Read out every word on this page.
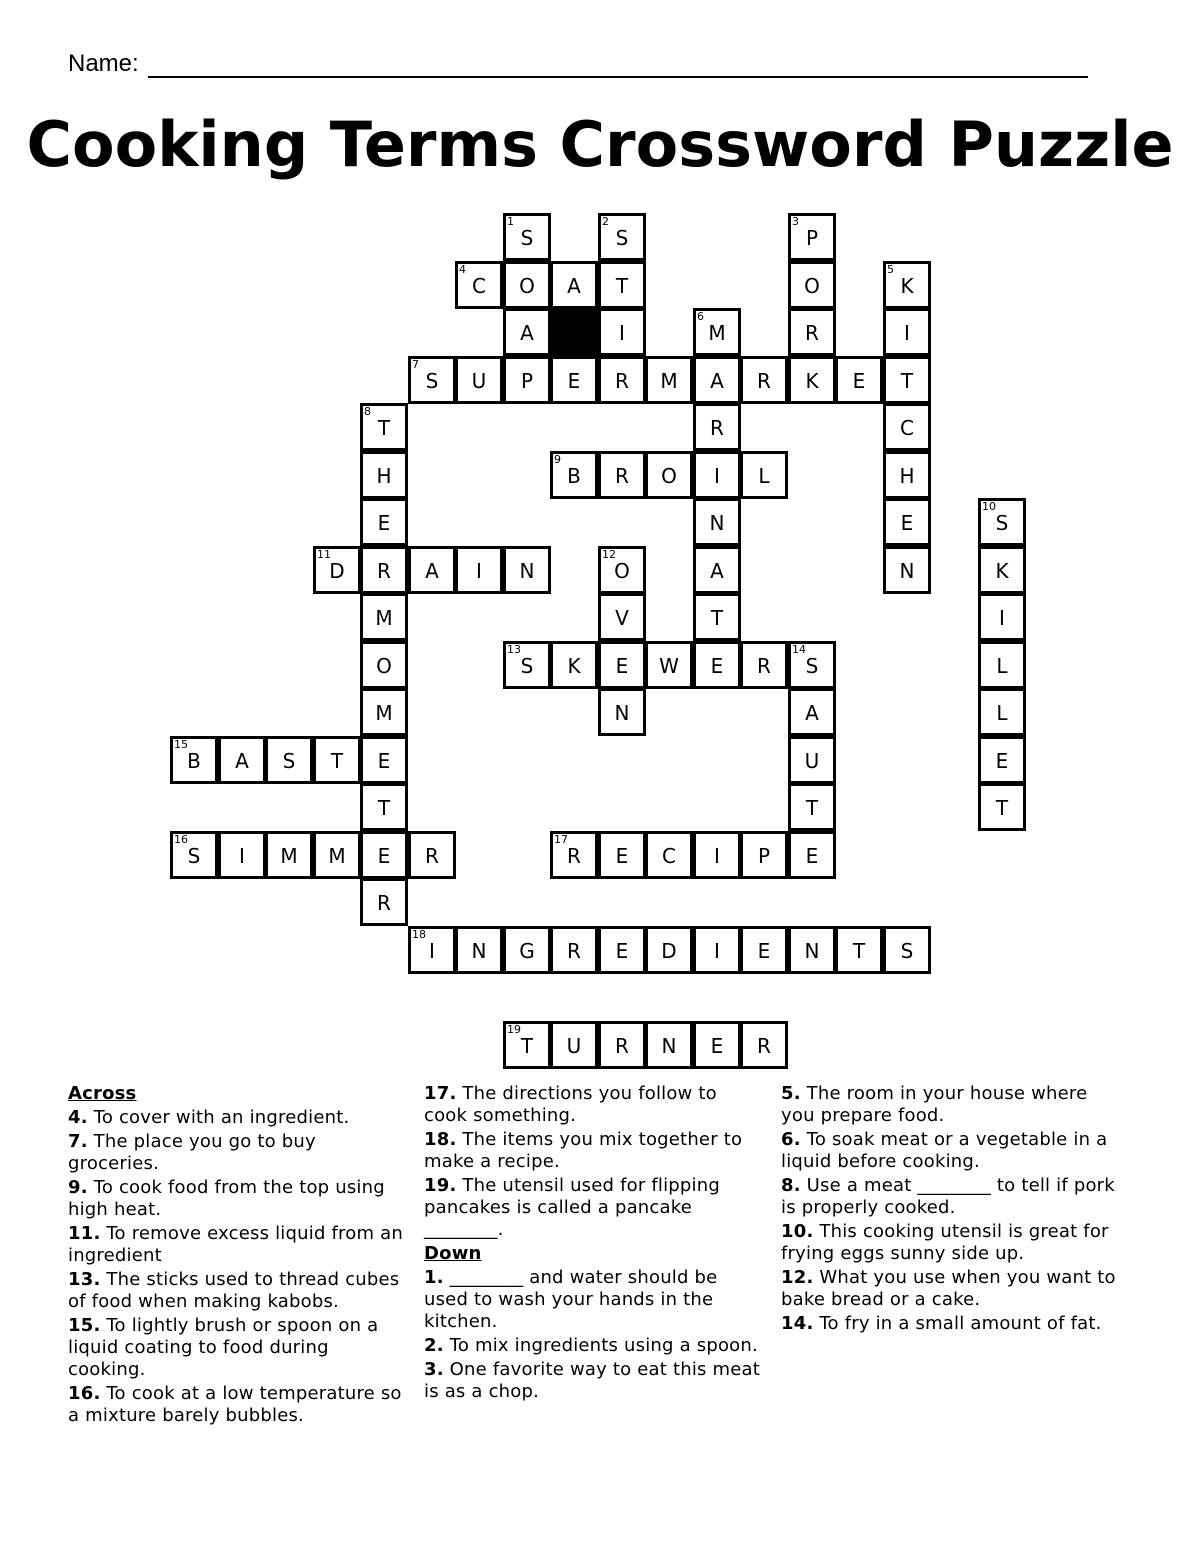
Name:
Cooking Terms Crossword Puzzle
4
C	O	A	T
7
S	U	P	E	R	M	A	R	K	E	T
9
B	R	O	I	L
11
D	R	A	I	N
13
S	K	E	W	E	R
14
S
15
B	A	S	T	E
16
S	I	M	M	E	R
17
R	E	C	I	P	E
18
I	N	G	R	E	D	I	E	N	T	S
19
T	U	R	N	E	R
1
S
A
2
S
I
3
P
O
R
5
K
I
C
H
E
N
6
M
R
N
A
T
8
T
H
E
M
O
M
T
R
10
S
K
I
L
L
E
T
12
O
V
N	A
U
T
Across
4. To cover with an ingredient.
7. The place you go to buy groceries.
9. To cook food from the top using high heat.
11. To remove excess liquid from an ingredient
13. The sticks used to thread cubes of food when making kabobs.
15. To lightly brush or spoon on a liquid coating to food during cooking.
16. To cook at a low temperature so a mixture barely bubbles.
17. The directions you follow to cook something.
18. The items you mix together to make a recipe.
19. The utensil used for flipping pancakes is called a pancake ________.
Down
1. ________ and water should be used to wash your hands in the kitchen.
2. To mix ingredients using a spoon.
3. One favorite way to eat this meat is as a chop.
5. The room in your house where you prepare food.
6. To soak meat or a vegetable in a liquid before cooking.
8. Use a meat ________ to tell if pork is properly cooked.
10. This cooking utensil is great for frying eggs sunny side up.
12. What you use when you want to bake bread or a cake.
14. To fry in a small amount of fat.
